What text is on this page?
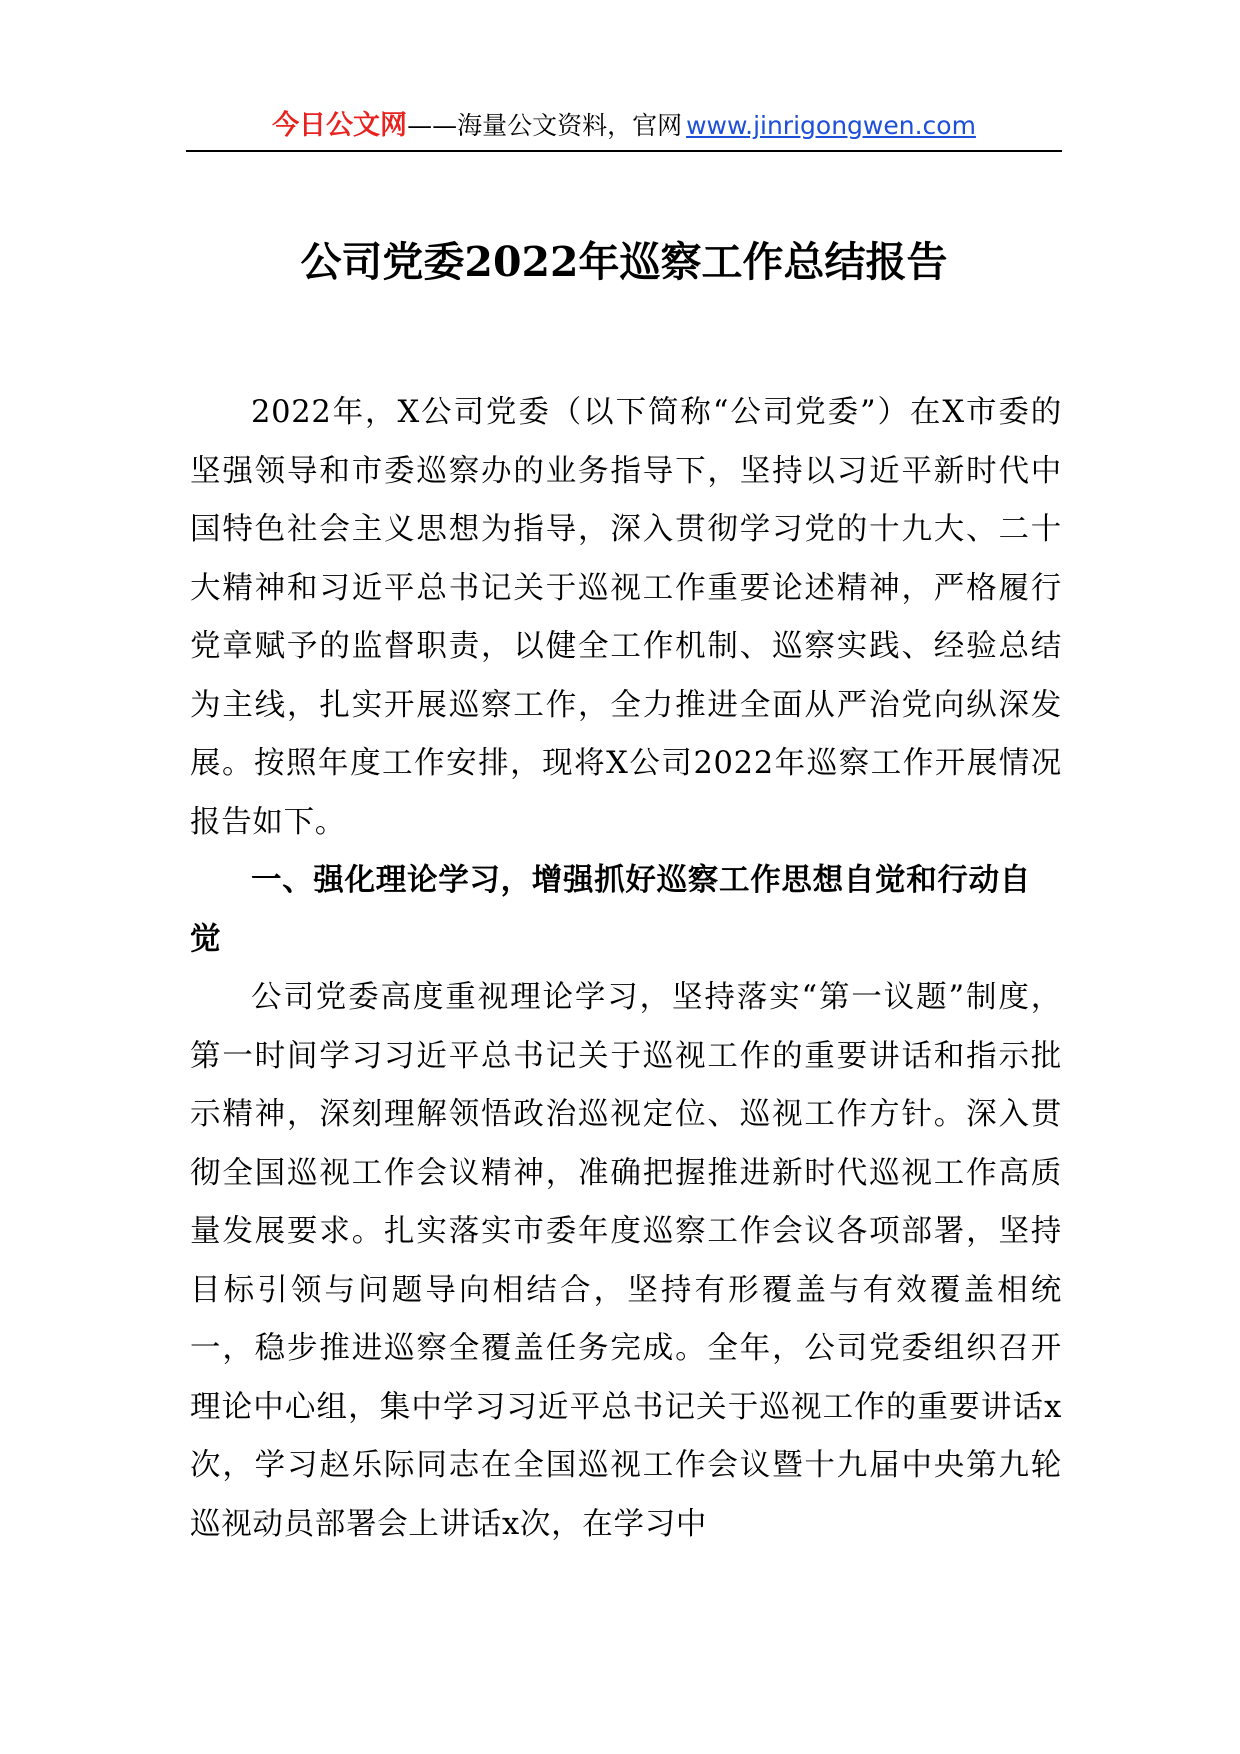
今日公文网——海量公文资料，官网 www.jinrigongwen.com
公司党委2022年巡察工作总结报告

2022年，X公司党委（以下简称“公司党委”）在X市委的坚强领导和市委巡察办的业务指导下，坚持以习近平新时代中国特色社会主义思想为指导，深入贯彻学习党的十九大、二十大精神和习近平总书记关于巡视工作重要论述精神，严格履行党章赋予的监督职责，以健全工作机制、巡察实践、经验总结为主线，扎实开展巡察工作，全力推进全面从严治党向纵深发展。按照年度工作安排，现将X公司2022年巡察工作开展情况报告如下。

一、强化理论学习，增强抓好巡察工作思想自觉和行动自觉

公司党委高度重视理论学习，坚持落实“第一议题”制度，第一时间学习习近平总书记关于巡视工作的重要讲话和指示批示精神，深刻理解领悟政治巡视定位、巡视工作方针。深入贯彻全国巡视工作会议精神，准确把握推进新时代巡视工作高质量发展要求。扎实落实市委年度巡察工作会议各项部署，坚持目标引领与问题导向相结合，坚持有形覆盖与有效覆盖相统一，稳步推进巡察全覆盖任务完成。全年，公司党委组织召开理论中心组，集中学习习近平总书记关于巡视工作的重要讲话x次，学习赵乐际同志在全国巡视工作会议暨十九届中央第九轮巡视动员部署会上讲话x次，在学习中
